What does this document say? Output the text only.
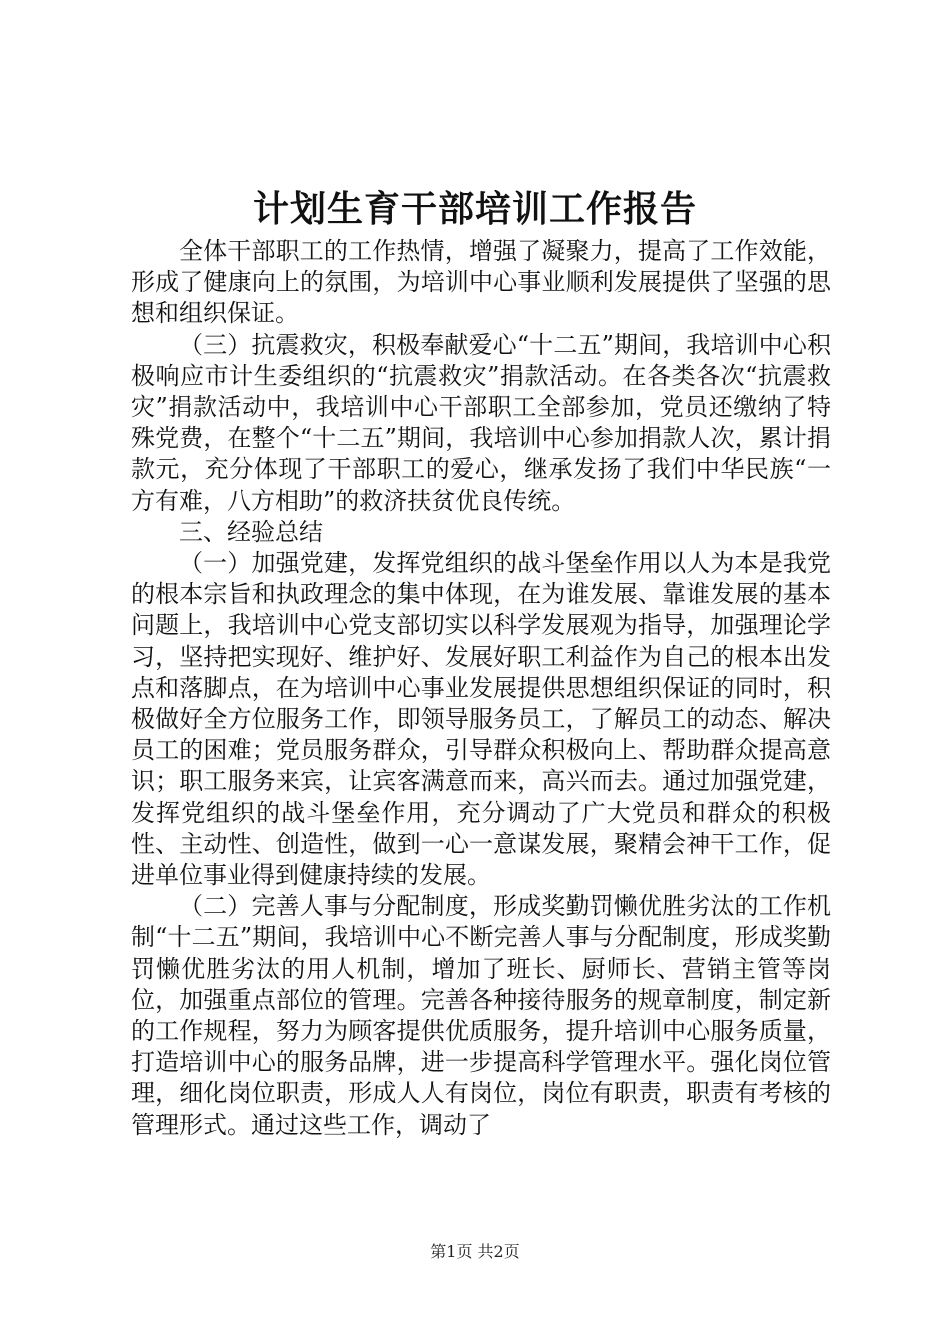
计划生育干部培训工作报告

全体干部职工的工作热情，增强了凝聚力，提高了工作效能，形成了健康向上的氛围，为培训中心事业顺利发展提供了坚强的思想和组织保证。

（三）抗震救灾，积极奉献爱心“十二五”期间，我培训中心积极响应市计生委组织的“抗震救灾”捐款活动。在各类各次“抗震救灾”捐款活动中，我培训中心干部职工全部参加，党员还缴纳了特殊党费，在整个“十二五”期间，我培训中心参加捐款人次，累计捐款元，充分体现了干部职工的爱心，继承发扬了我们中华民族“一方有难，八方相助”的救济扶贫优良传统。

三、经验总结

（一）加强党建，发挥党组织的战斗堡垒作用以人为本是我党的根本宗旨和执政理念的集中体现，在为谁发展、靠谁发展的基本问题上，我培训中心党支部切实以科学发展观为指导，加强理论学习，坚持把实现好、维护好、发展好职工利益作为自己的根本出发点和落脚点，在为培训中心事业发展提供思想组织保证的同时，积极做好全方位服务工作，即领导服务员工，了解员工的动态、解决员工的困难；党员服务群众，引导群众积极向上、帮助群众提高意识；职工服务来宾，让宾客满意而来，高兴而去。通过加强党建，发挥党组织的战斗堡垒作用，充分调动了广大党员和群众的积极性、主动性、创造性，做到一心一意谋发展，聚精会神干工作，促进单位事业得到健康持续的发展。

（二）完善人事与分配制度，形成奖勤罚懒优胜劣汰的工作机制“十二五”期间，我培训中心不断完善人事与分配制度，形成奖勤罚懒优胜劣汰的用人机制，增加了班长、厨师长、营销主管等岗位，加强重点部位的管理。完善各种接待服务的规章制度，制定新的工作规程，努力为顾客提供优质服务，提升培训中心服务质量，打造培训中心的服务品牌，进一步提高科学管理水平。强化岗位管理，细化岗位职责，形成人人有岗位，岗位有职责，职责有考核的管理形式。通过这些工作，调动了

第1页 共2页
